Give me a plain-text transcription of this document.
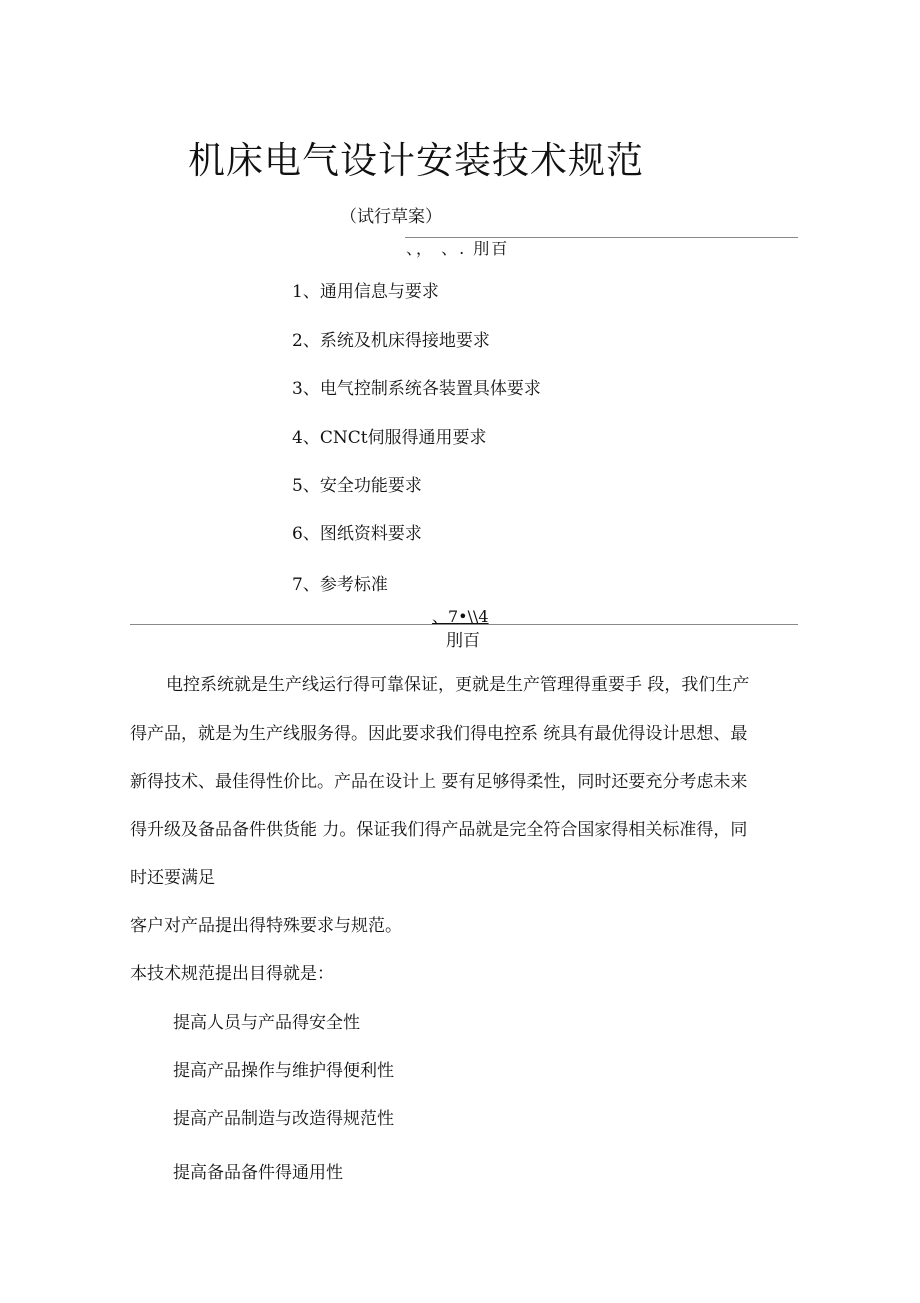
机床电气设计安装技术规范
（试行草案）
、， 、. 刖百
1、通用信息与要求
2、系统及机床得接地要求
3、电气控制系统各装置具体要求
4、CNCt伺服得通用要求
5、安全功能要求
6、图纸资料要求
7、参考标准
、7•\\4
刖百
电控系统就是生产线运行得可靠保证，更就是生产管理得重要手 段，我们生产
得产品，就是为生产线服务得。因此要求我们得电控系 统具有最优得设计思想、最
新得技术、最佳得性价比。产品在设计上 要有足够得柔性，同时还要充分考虑未来
得升级及备品备件供货能 力。保证我们得产品就是完全符合国家得相关标准得，同
时还要满足
客户对产品提出得特殊要求与规范。
本技术规范提出目得就是：
提高人员与产品得安全性
提高产品操作与维护得便利性
提高产品制造与改造得规范性
提高备品备件得通用性
